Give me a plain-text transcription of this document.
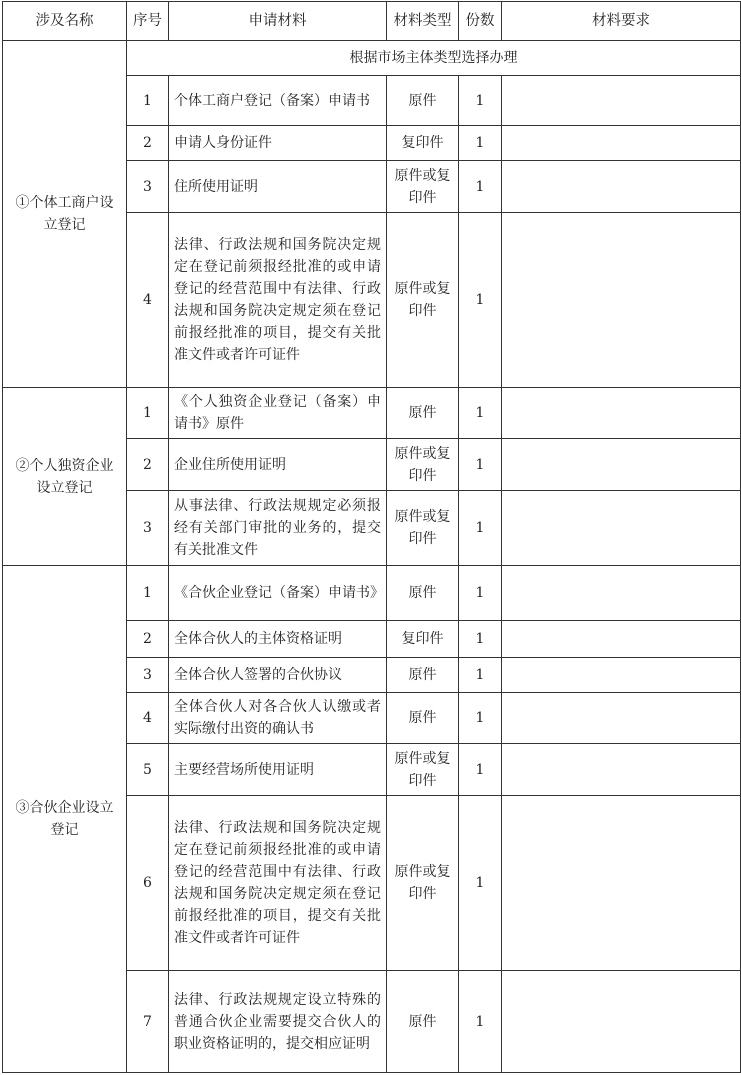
涉及名称	序号	申请材料	材料类型	份数	材料要求
①个体工商户设立登记	根据市场主体类型选择办理				
	1	个体工商户登记（备案）申请书	原件	1	
	2	申请人身份证件	复印件	1	
	3	住所使用证明	原件或复印件	1	
	4	法律、行政法规和国务院决定规定在登记前须报经批准的或申请登记的经营范围中有法律、行政法规和国务院决定规定须在登记前报经批准的项目，提交有关批准文件或者许可证件	原件或复印件	1	
②个人独资企业设立登记	1	《个人独资企业登记（备案）申请书》原件	原件	1	
	2	企业住所使用证明	原件或复印件	1	
	3	从事法律、行政法规规定必须报经有关部门审批的业务的，提交有关批准文件	原件或复印件	1	
③合伙企业设立登记	1	《合伙企业登记（备案）申请书》	原件	1	
	2	全体合伙人的主体资格证明	复印件	1	
	3	全体合伙人签署的合伙协议	原件	1	
	4	全体合伙人对各合伙人认缴或者实际缴付出资的确认书	原件	1	
	5	主要经营场所使用证明	原件或复印件	1	
	6	法律、行政法规和国务院决定规定在登记前须报经批准的或申请登记的经营范围中有法律、行政法规和国务院决定规定须在登记前报经批准的项目，提交有关批准文件或者许可证件	原件或复印件	1	
	7	法律、行政法规规定设立特殊的普通合伙企业需要提交合伙人的职业资格证明的，提交相应证明	原件	1	
